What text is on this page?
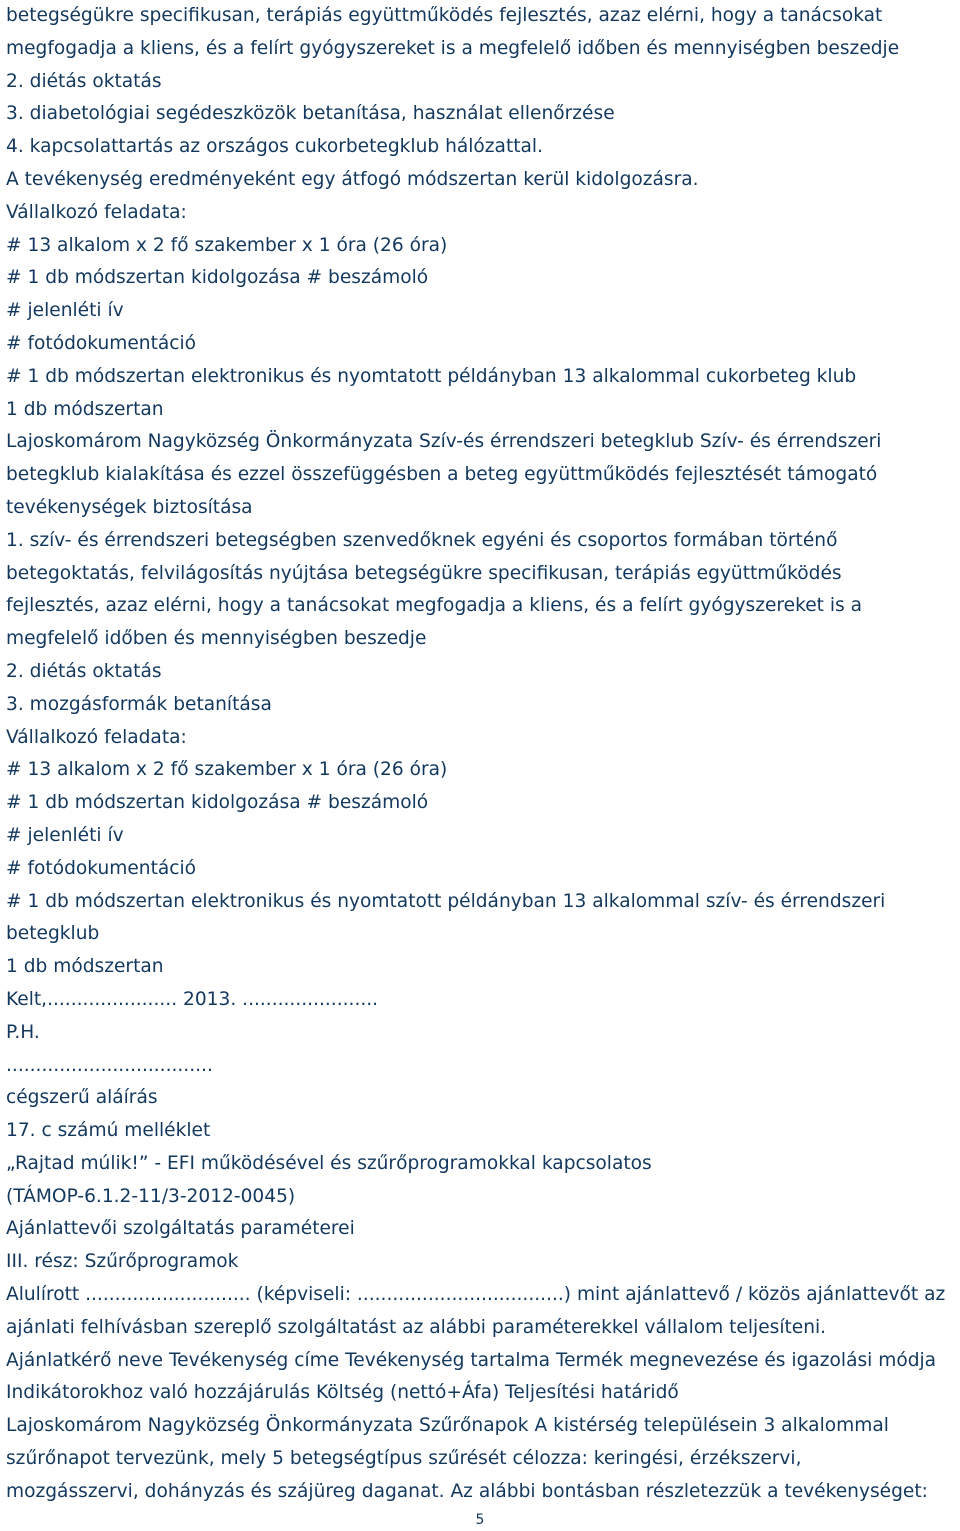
betegségükre specifikusan, terápiás együttműködés fejlesztés, azaz elérni, hogy a tanácsokat
megfogadja a kliens, és a felírt gyógyszereket is a megfelelő időben és mennyiségben beszedje
2. diétás oktatás
3. diabetológiai segédeszközök betanítása, használat ellenőrzése
4. kapcsolattartás az országos cukorbetegklub hálózattal.
A tevékenység eredményeként egy átfogó módszertan kerül kidolgozásra.
Vállalkozó feladata:
# 13 alkalom x 2 fő szakember x 1 óra (26 óra)
# 1 db módszertan kidolgozása # beszámoló
# jelenléti ív
# fotódokumentáció
# 1 db módszertan elektronikus és nyomtatott példányban 13 alkalommal cukorbeteg klub
1 db módszertan
Lajoskomárom Nagyközség Önkormányzata Szív-és érrendszeri betegklub Szív- és érrendszeri
betegklub kialakítása és ezzel összefüggésben a beteg együttműködés fejlesztését támogató
tevékenységek biztosítása
1. szív- és érrendszeri betegségben szenvedőknek egyéni és csoportos formában történő
betegoktatás, felvilágosítás nyújtása betegségükre specifikusan, terápiás együttműködés
fejlesztés, azaz elérni, hogy a tanácsokat megfogadja a kliens, és a felírt gyógyszereket is a
megfelelő időben és mennyiségben beszedje
2. diétás oktatás
3. mozgásformák betanítása
Vállalkozó feladata:
# 13 alkalom x 2 fő szakember x 1 óra (26 óra)
# 1 db módszertan kidolgozása # beszámoló
# jelenléti ív
# fotódokumentáció
# 1 db módszertan elektronikus és nyomtatott példányban 13 alkalommal szív- és érrendszeri
betegklub
1 db módszertan
Kelt,...................... 2013. .......................
P.H.
...................................
cégszerű aláírás
17. c számú melléklet
„Rajtad múlik!” - EFI működésével és szűrőprogramokkal kapcsolatos
(TÁMOP-6.1.2-11/3-2012-0045)
Ajánlattevői szolgáltatás paraméterei
III. rész: Szűrőprogramok
Alulírott ............................ (képviseli: ...................................) mint ajánlattevő / közös ajánlattevőt az
ajánlati felhívásban szereplő szolgáltatást az alábbi paraméterekkel vállalom teljesíteni.
Ajánlatkérő neve Tevékenység címe Tevékenység tartalma Termék megnevezése és igazolási módja
Indikátorokhoz való hozzájárulás Költség (nettó+Áfa) Teljesítési határidő
Lajoskomárom Nagyközség Önkormányzata Szűrőnapok A kistérség településein 3 alkalommal
szűrőnapot tervezünk, mely 5 betegségtípus szűrését célozza: keringési, érzékszervi,
mozgásszervi, dohányzás és szájüreg daganat. Az alábbi bontásban részletezzük a tevékenységet:
5
